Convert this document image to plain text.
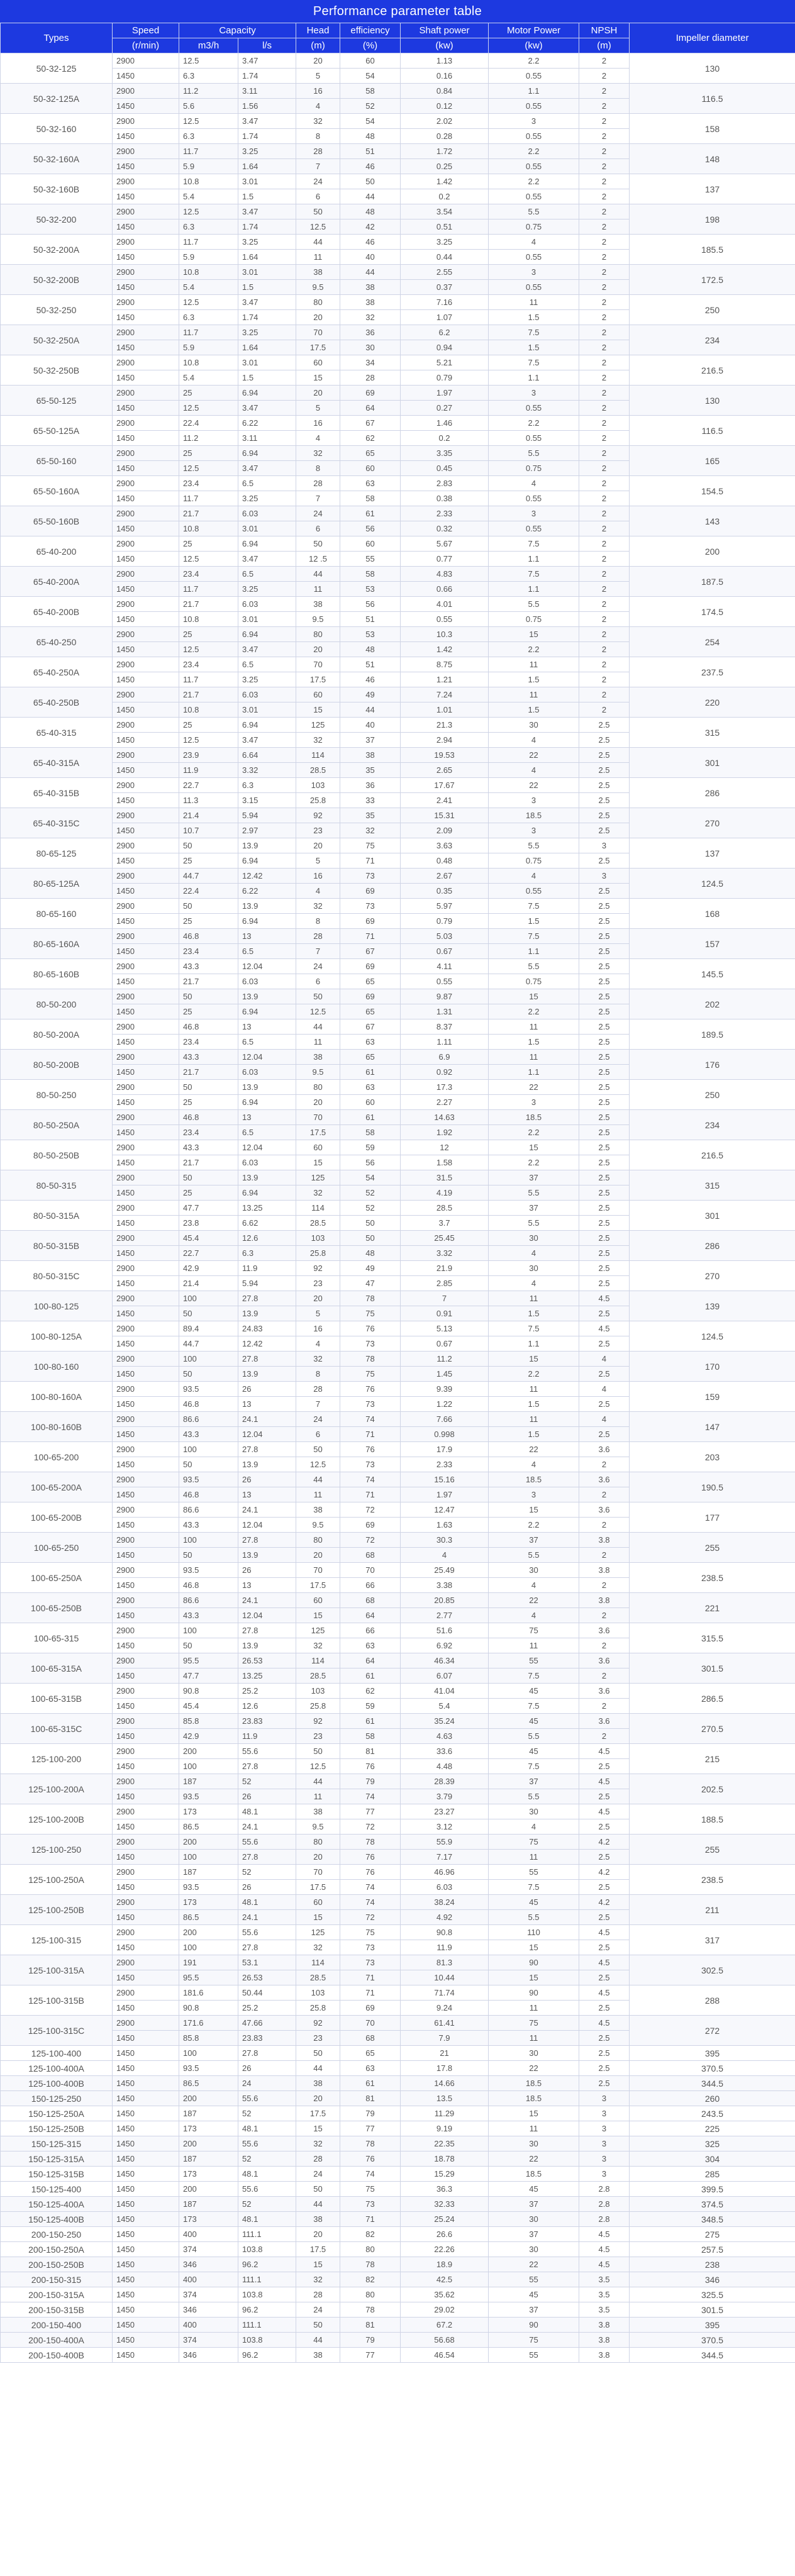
Performance parameter table
Types	Speed	Capacity		Head	efficiency	Shaft power	Motor Power	NPSH	Impeller diameter
	(r/min)	m3/h	l/s	(m)	(%)	(kw)	(kw)	(m)	
50-32-125	2900	12.5	3.47	20	60	1.13	2.2	2	130
	1450	6.3	1.74	5	54	0.16	0.55	2	
50-32-125A	2900	11.2	3.11	16	58	0.84	1.1	2	116.5
	1450	5.6	1.56	4	52	0.12	0.55	2	
50-32-160	2900	12.5	3.47	32	54	2.02	3	2	158
	1450	6.3	1.74	8	48	0.28	0.55	2	
50-32-160A	2900	11.7	3.25	28	51	1.72	2.2	2	148
	1450	5.9	1.64	7	46	0.25	0.55	2	
50-32-160B	2900	10.8	3.01	24	50	1.42	2.2	2	137
	1450	5.4	1.5	6	44	0.2	0.55	2	
50-32-200	2900	12.5	3.47	50	48	3.54	5.5	2	198
	1450	6.3	1.74	12.5	42	0.51	0.75	2	
50-32-200A	2900	11.7	3.25	44	46	3.25	4	2	185.5
	1450	5.9	1.64	11	40	0.44	0.55	2	
50-32-200B	2900	10.8	3.01	38	44	2.55	3	2	172.5
	1450	5.4	1.5	9.5	38	0.37	0.55	2	
50-32-250	2900	12.5	3.47	80	38	7.16	11	2	250
	1450	6.3	1.74	20	32	1.07	1.5	2	
50-32-250A	2900	11.7	3.25	70	36	6.2	7.5	2	234
	1450	5.9	1.64	17.5	30	0.94	1.5	2	
50-32-250B	2900	10.8	3.01	60	34	5.21	7.5	2	216.5
	1450	5.4	1.5	15	28	0.79	1.1	2	
65-50-125	2900	25	6.94	20	69	1.97	3	2	130
	1450	12.5	3.47	5	64	0.27	0.55	2	
65-50-125A	2900	22.4	6.22	16	67	1.46	2.2	2	116.5
	1450	11.2	3.11	4	62	0.2	0.55	2	
65-50-160	2900	25	6.94	32	65	3.35	5.5	2	165
	1450	12.5	3.47	8	60	0.45	0.75	2	
65-50-160A	2900	23.4	6.5	28	63	2.83	4	2	154.5
	1450	11.7	3.25	7	58	0.38	0.55	2	
65-50-160B	2900	21.7	6.03	24	61	2.33	3	2	143
	1450	10.8	3.01	6	56	0.32	0.55	2	
65-40-200	2900	25	6.94	50	60	5.67	7.5	2	200
	1450	12.5	3.47	12 .5	55	0.77	1.1	2	
65-40-200A	2900	23.4	6.5	44	58	4.83	7.5	2	187.5
	1450	11.7	3.25	11	53	0.66	1.1	2	
65-40-200B	2900	21.7	6.03	38	56	4.01	5.5	2	174.5
	1450	10.8	3.01	9.5	51	0.55	0.75	2	
65-40-250	2900	25	6.94	80	53	10.3	15	2	254
	1450	12.5	3.47	20	48	1.42	2.2	2	
65-40-250A	2900	23.4	6.5	70	51	8.75	11	2	237.5
	1450	11.7	3.25	17.5	46	1.21	1.5	2	
65-40-250B	2900	21.7	6.03	60	49	7.24	11	2	220
	1450	10.8	3.01	15	44	1.01	1.5	2	
65-40-315	2900	25	6.94	125	40	21.3	30	2.5	315
	1450	12.5	3.47	32	37	2.94	4	2.5	
65-40-315A	2900	23.9	6.64	114	38	19.53	22	2.5	301
	1450	11.9	3.32	28.5	35	2.65	4	2.5	
65-40-315B	2900	22.7	6.3	103	36	17.67	22	2.5	286
	1450	11.3	3.15	25.8	33	2.41	3	2.5	
65-40-315C	2900	21.4	5.94	92	35	15.31	18.5	2.5	270
	1450	10.7	2.97	23	32	2.09	3	2.5	
80-65-125	2900	50	13.9	20	75	3.63	5.5	3	137
	1450	25	6.94	5	71	0.48	0.75	2.5	
80-65-125A	2900	44.7	12.42	16	73	2.67	4	3	124.5
	1450	22.4	6.22	4	69	0.35	0.55	2.5	
80-65-160	2900	50	13.9	32	73	5.97	7.5	2.5	168
	1450	25	6.94	8	69	0.79	1.5	2.5	
80-65-160A	2900	46.8	13	28	71	5.03	7.5	2.5	157
	1450	23.4	6.5	7	67	0.67	1.1	2.5	
80-65-160B	2900	43.3	12.04	24	69	4.11	5.5	2.5	145.5
	1450	21.7	6.03	6	65	0.55	0.75	2.5	
80-50-200	2900	50	13.9	50	69	9.87	15	2.5	202
	1450	25	6.94	12.5	65	1.31	2.2	2.5	
80-50-200A	2900	46.8	13	44	67	8.37	11	2.5	189.5
	1450	23.4	6.5	11	63	1.11	1.5	2.5	
80-50-200B	2900	43.3	12.04	38	65	6.9	11	2.5	176
	1450	21.7	6.03	9.5	61	0.92	1.1	2.5	
80-50-250	2900	50	13.9	80	63	17.3	22	2.5	250
	1450	25	6.94	20	60	2.27	3	2.5	
80-50-250A	2900	46.8	13	70	61	14.63	18.5	2.5	234
	1450	23.4	6.5	17.5	58	1.92	2.2	2.5	
80-50-250B	2900	43.3	12.04	60	59	12	15	2.5	216.5
	1450	21.7	6.03	15	56	1.58	2.2	2.5	
80-50-315	2900	50	13.9	125	54	31.5	37	2.5	315
	1450	25	6.94	32	52	4.19	5.5	2.5	
80-50-315A	2900	47.7	13.25	114	52	28.5	37	2.5	301
	1450	23.8	6.62	28.5	50	3.7	5.5	2.5	
80-50-315B	2900	45.4	12.6	103	50	25.45	30	2.5	286
	1450	22.7	6.3	25.8	48	3.32	4	2.5	
80-50-315C	2900	42.9	11.9	92	49	21.9	30	2.5	270
	1450	21.4	5.94	23	47	2.85	4	2.5	
100-80-125	2900	100	27.8	20	78	7	11	4.5	139
	1450	50	13.9	5	75	0.91	1.5	2.5	
100-80-125A	2900	89.4	24.83	16	76	5.13	7.5	4.5	124.5
	1450	44.7	12.42	4	73	0.67	1.1	2.5	
100-80-160	2900	100	27.8	32	78	11.2	15	4	170
	1450	50	13.9	8	75	1.45	2.2	2.5	
100-80-160A	2900	93.5	26	28	76	9.39	11	4	159
	1450	46.8	13	7	73	1.22	1.5	2.5	
100-80-160B	2900	86.6	24.1	24	74	7.66	11	4	147
	1450	43.3	12.04	6	71	0.998	1.5	2.5	
100-65-200	2900	100	27.8	50	76	17.9	22	3.6	203
	1450	50	13.9	12.5	73	2.33	4	2	
100-65-200A	2900	93.5	26	44	74	15.16	18.5	3.6	190.5
	1450	46.8	13	11	71	1.97	3	2	
100-65-200B	2900	86.6	24.1	38	72	12.47	15	3.6	177
	1450	43.3	12.04	9.5	69	1.63	2.2	2	
100-65-250	2900	100	27.8	80	72	30.3	37	3.8	255
	1450	50	13.9	20	68	4	5.5	2	
100-65-250A	2900	93.5	26	70	70	25.49	30	3.8	238.5
	1450	46.8	13	17.5	66	3.38	4	2	
100-65-250B	2900	86.6	24.1	60	68	20.85	22	3.8	221
	1450	43.3	12.04	15	64	2.77	4	2	
100-65-315	2900	100	27.8	125	66	51.6	75	3.6	315.5
	1450	50	13.9	32	63	6.92	11	2	
100-65-315A	2900	95.5	26.53	114	64	46.34	55	3.6	301.5
	1450	47.7	13.25	28.5	61	6.07	7.5	2	
100-65-315B	2900	90.8	25.2	103	62	41.04	45	3.6	286.5
	1450	45.4	12.6	25.8	59	5.4	7.5	2	
100-65-315C	2900	85.8	23.83	92	61	35.24	45	3.6	270.5
	1450	42.9	11.9	23	58	4.63	5.5	2	
125-100-200	2900	200	55.6	50	81	33.6	45	4.5	215
	1450	100	27.8	12.5	76	4.48	7.5	2.5	
125-100-200A	2900	187	52	44	79	28.39	37	4.5	202.5
	1450	93.5	26	11	74	3.79	5.5	2.5	
125-100-200B	2900	173	48.1	38	77	23.27	30	4.5	188.5
	1450	86.5	24.1	9.5	72	3.12	4	2.5	
125-100-250	2900	200	55.6	80	78	55.9	75	4.2	255
	1450	100	27.8	20	76	7.17	11	2.5	
125-100-250A	2900	187	52	70	76	46.96	55	4.2	238.5
	1450	93.5	26	17.5	74	6.03	7.5	2.5	
125-100-250B	2900	173	48.1	60	74	38.24	45	4.2	211
	1450	86.5	24.1	15	72	4.92	5.5	2.5	
125-100-315	2900	200	55.6	125	75	90.8	110	4.5	317
	1450	100	27.8	32	73	11.9	15	2.5	
125-100-315A	2900	191	53.1	114	73	81.3	90	4.5	302.5
	1450	95.5	26.53	28.5	71	10.44	15	2.5	
125-100-315B	2900	181.6	50.44	103	71	71.74	90	4.5	288
	1450	90.8	25.2	25.8	69	9.24	11	2.5	
125-100-315C	2900	171.6	47.66	92	70	61.41	75	4.5	272
	1450	85.8	23.83	23	68	7.9	11	2.5	
125-100-400	1450	100	27.8	50	65	21	30	2.5	395
125-100-400A	1450	93.5	26	44	63	17.8	22	2.5	370.5
125-100-400B	1450	86.5	24	38	61	14.66	18.5	2.5	344.5
150-125-250	1450	200	55.6	20	81	13.5	18.5	3	260
150-125-250A	1450	187	52	17.5	79	11.29	15	3	243.5
150-125-250B	1450	173	48.1	15	77	9.19	11	3	225
150-125-315	1450	200	55.6	32	78	22.35	30	3	325
150-125-315A	1450	187	52	28	76	18.78	22	3	304
150-125-315B	1450	173	48.1	24	74	15.29	18.5	3	285
150-125-400	1450	200	55.6	50	75	36.3	45	2.8	399.5
150-125-400A	1450	187	52	44	73	32.33	37	2.8	374.5
150-125-400B	1450	173	48.1	38	71	25.24	30	2.8	348.5
200-150-250	1450	400	111.1	20	82	26.6	37	4.5	275
200-150-250A	1450	374	103.8	17.5	80	22.26	30	4.5	257.5
200-150-250B	1450	346	96.2	15	78	18.9	22	4.5	238
200-150-315	1450	400	111.1	32	82	42.5	55	3.5	346
200-150-315A	1450	374	103.8	28	80	35.62	45	3.5	325.5
200-150-315B	1450	346	96.2	24	78	29.02	37	3.5	301.5
200-150-400	1450	400	111.1	50	81	67.2	90	3.8	395
200-150-400A	1450	374	103.8	44	79	56.68	75	3.8	370.5
200-150-400B	1450	346	96.2	38	77	46.54	55	3.8	344.5
